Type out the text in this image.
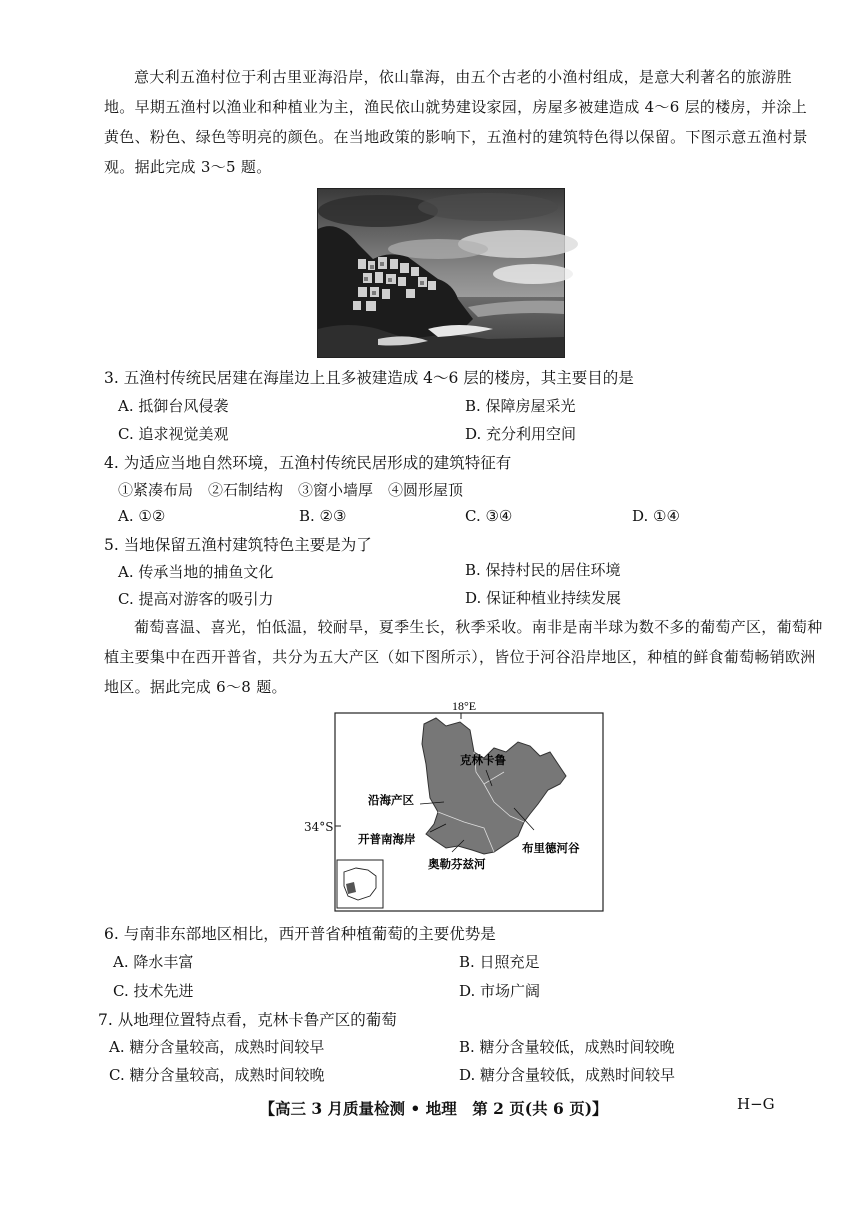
意大利五渔村位于利古里亚海沿岸，依山靠海，由五个古老的小渔村组成，是意大利著名的旅游胜
地。早期五渔村以渔业和种植业为主，渔民依山就势建设家园，房屋多被建造成 4～6 层的楼房，并涂上
黄色、粉色、绿色等明亮的颜色。在当地政策的影响下，五渔村的建筑特色得以保留。下图示意五渔村景
观。据此完成 3～5 题。
3. 五渔村传统民居建在海崖边上且多被建造成 4～6 层的楼房，其主要目的是
A. 抵御台风侵袭	B. 保障房屋采光
C. 追求视觉美观	D. 充分利用空间
4. 为适应当地自然环境，五渔村传统民居形成的建筑特征有
①紧凑布局　②石制结构　③窗小墙厚　④圆形屋顶
A. ①②	B. ②③	C. ③④	D. ①④
5. 当地保留五渔村建筑特色主要是为了
A. 传承当地的捕鱼文化	B. 保持村民的居住环境
C. 提高对游客的吸引力	D. 保证种植业持续发展
葡萄喜温、喜光，怕低温，较耐旱，夏季生长，秋季采收。南非是南半球为数不多的葡萄产区，葡萄种
植主要集中在西开普省，共分为五大产区（如下图所示），皆位于河谷沿岸地区，种植的鲜食葡萄畅销欧洲
地区。据此完成 6～8 题。
18°E
克林卡鲁
沿海产区
开普南海岸
布里德河谷
奥勒芬兹河
34°S
6. 与南非东部地区相比，西开普省种植葡萄的主要优势是
A. 降水丰富	B. 日照充足
C. 技术先进	D. 市场广阔
7. 从地理位置特点看，克林卡鲁产区的葡萄
A. 糖分含量较高，成熟时间较早	B. 糖分含量较低，成熟时间较晚
C. 糖分含量较高，成熟时间较晚	D. 糖分含量较低，成熟时间较早
【高三 3 月质量检测 • 地理　第 2 页(共 6 页)】	H−G
